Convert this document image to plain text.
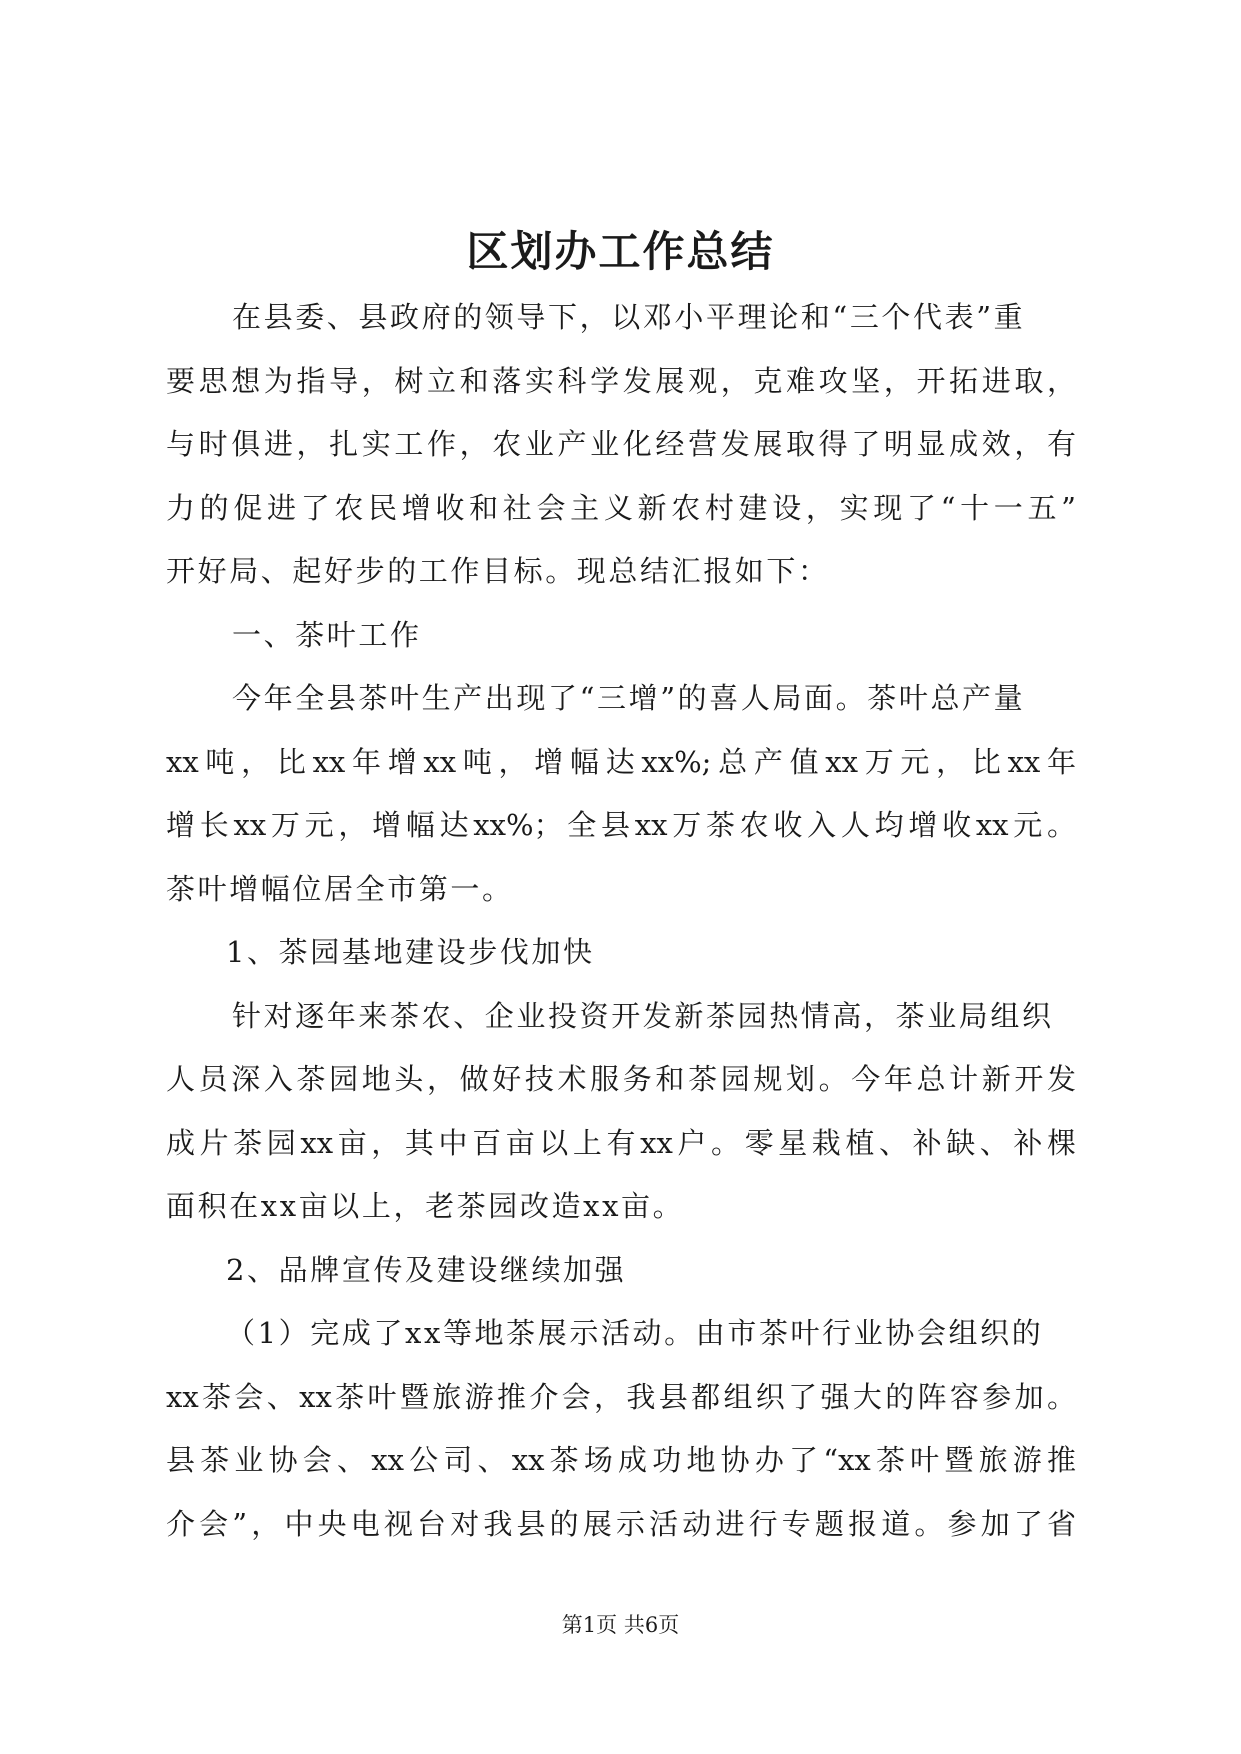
区划办工作总结
在县委、县政府的领导下，以邓小平理论和“三个代表”重
要思想为指导，树立和落实科学发展观，克难攻坚，开拓进取，
与时俱进，扎实工作，农业产业化经营发展取得了明显成效，有
力的促进了农民增收和社会主义新农村建设，实现了“十一五”
开好局、起好步的工作目标。现总结汇报如下：
一、茶叶工作
今年全县茶叶生产出现了“三增”的喜人局面。茶叶总产量
xx吨，比xx年增xx吨，增幅达xx%;总产值xx万元，比xx年
增长xx万元，增幅达xx%；全县xx万茶农收入人均增收xx元。
茶叶增幅位居全市第一。
1、茶园基地建设步伐加快
针对逐年来茶农、企业投资开发新茶园热情高，茶业局组织
人员深入茶园地头，做好技术服务和茶园规划。今年总计新开发
成片茶园xx亩，其中百亩以上有xx户。零星栽植、补缺、补棵
面积在xx亩以上，老茶园改造xx亩。
2、品牌宣传及建设继续加强
（1）完成了xx等地茶展示活动。由市茶叶行业协会组织的
xx茶会、xx茶叶暨旅游推介会，我县都组织了强大的阵容参加。
县茶业协会、xx公司、xx茶场成功地协办了“xx茶叶暨旅游推
介会”，中央电视台对我县的展示活动进行专题报道。参加了省
第1页 共6页
